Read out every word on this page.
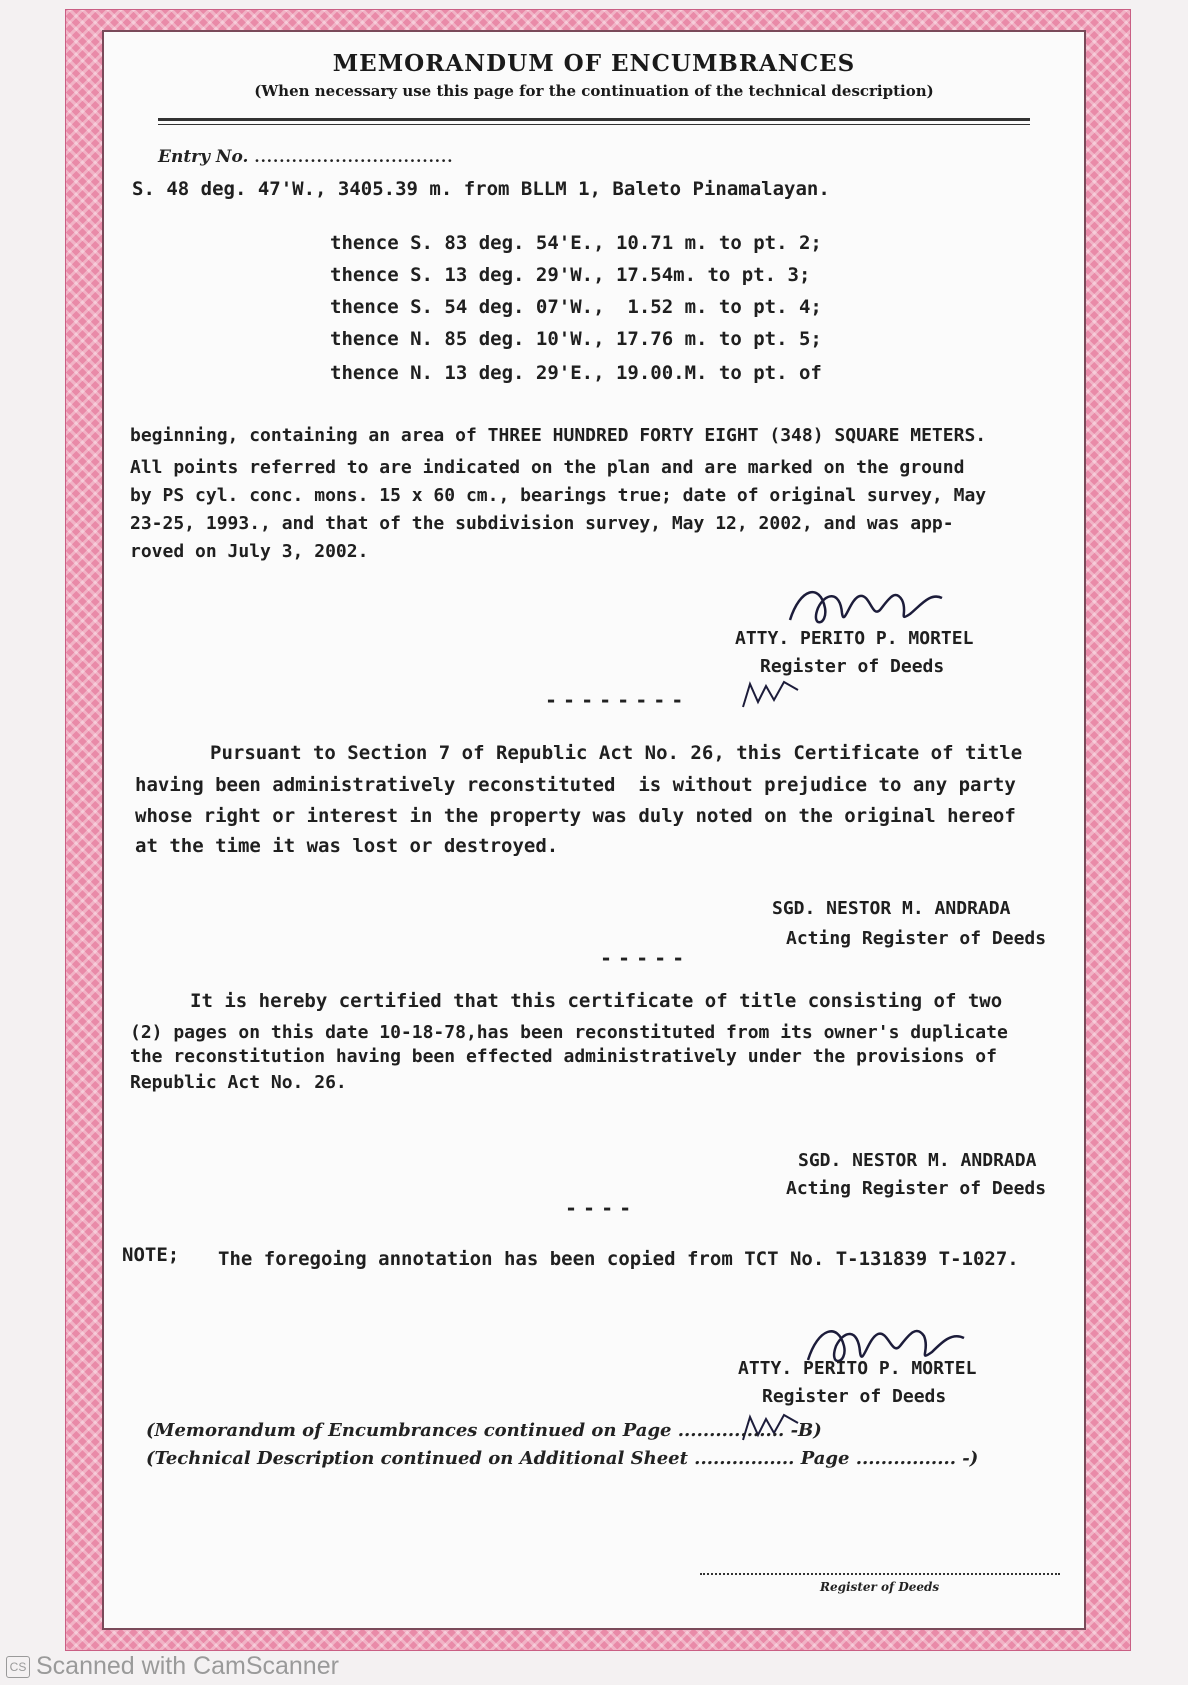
MEMORANDUM OF ENCUMBRANCES
(When necessary use this page for the continuation of the technical description)
Entry No. ................................
S. 48 deg. 47'W., 3405.39 m. from BLLM 1, Baleto Pinamalayan.
thence S. 83 deg. 54'E., 10.71 m. to pt. 2;
thence S. 13 deg. 29'W., 17.54m. to pt. 3;
thence S. 54 deg. 07'W.,  1.52 m. to pt. 4;
thence N. 85 deg. 10'W., 17.76 m. to pt. 5;
thence N. 13 deg. 29'E., 19.00.M. to pt. of
beginning, containing an area of THREE HUNDRED FORTY EIGHT (348) SQUARE METERS.
All points referred to are indicated on the plan and are marked on the ground
by PS cyl. conc. mons. 15 x 60 cm., bearings true; date of original survey, May
23-25, 1993., and that of the subdivision survey, May 12, 2002, and was app-
roved on July 3, 2002.
ATTY. PERITO P. MORTEL
Register of Deeds
--------
Pursuant to Section 7 of Republic Act No. 26, this Certificate of title
having been administratively reconstituted  is without prejudice to any party
whose right or interest in the property was duly noted on the original hereof
at the time it was lost or destroyed.
SGD. NESTOR M. ANDRADA
Acting Register of Deeds
-----
It is hereby certified that this certificate of title consisting of two
(2) pages on this date 10-18-78,has been reconstituted from its owner's duplicate
the reconstitution having been effected administratively under the provisions of
Republic Act No. 26.
SGD. NESTOR M. ANDRADA
Acting Register of Deeds
----
NOTE; The foregoing annotation has been copied from TCT No. T-131839 T-1027.
ATTY. PERITO P. MORTEL
Register of Deeds
(Memorandum of Encumbrances continued on Page ................. -B)
(Technical Description continued on Additional Sheet ................ Page ................ -)
Register of Deeds
CS Scanned with CamScanner
